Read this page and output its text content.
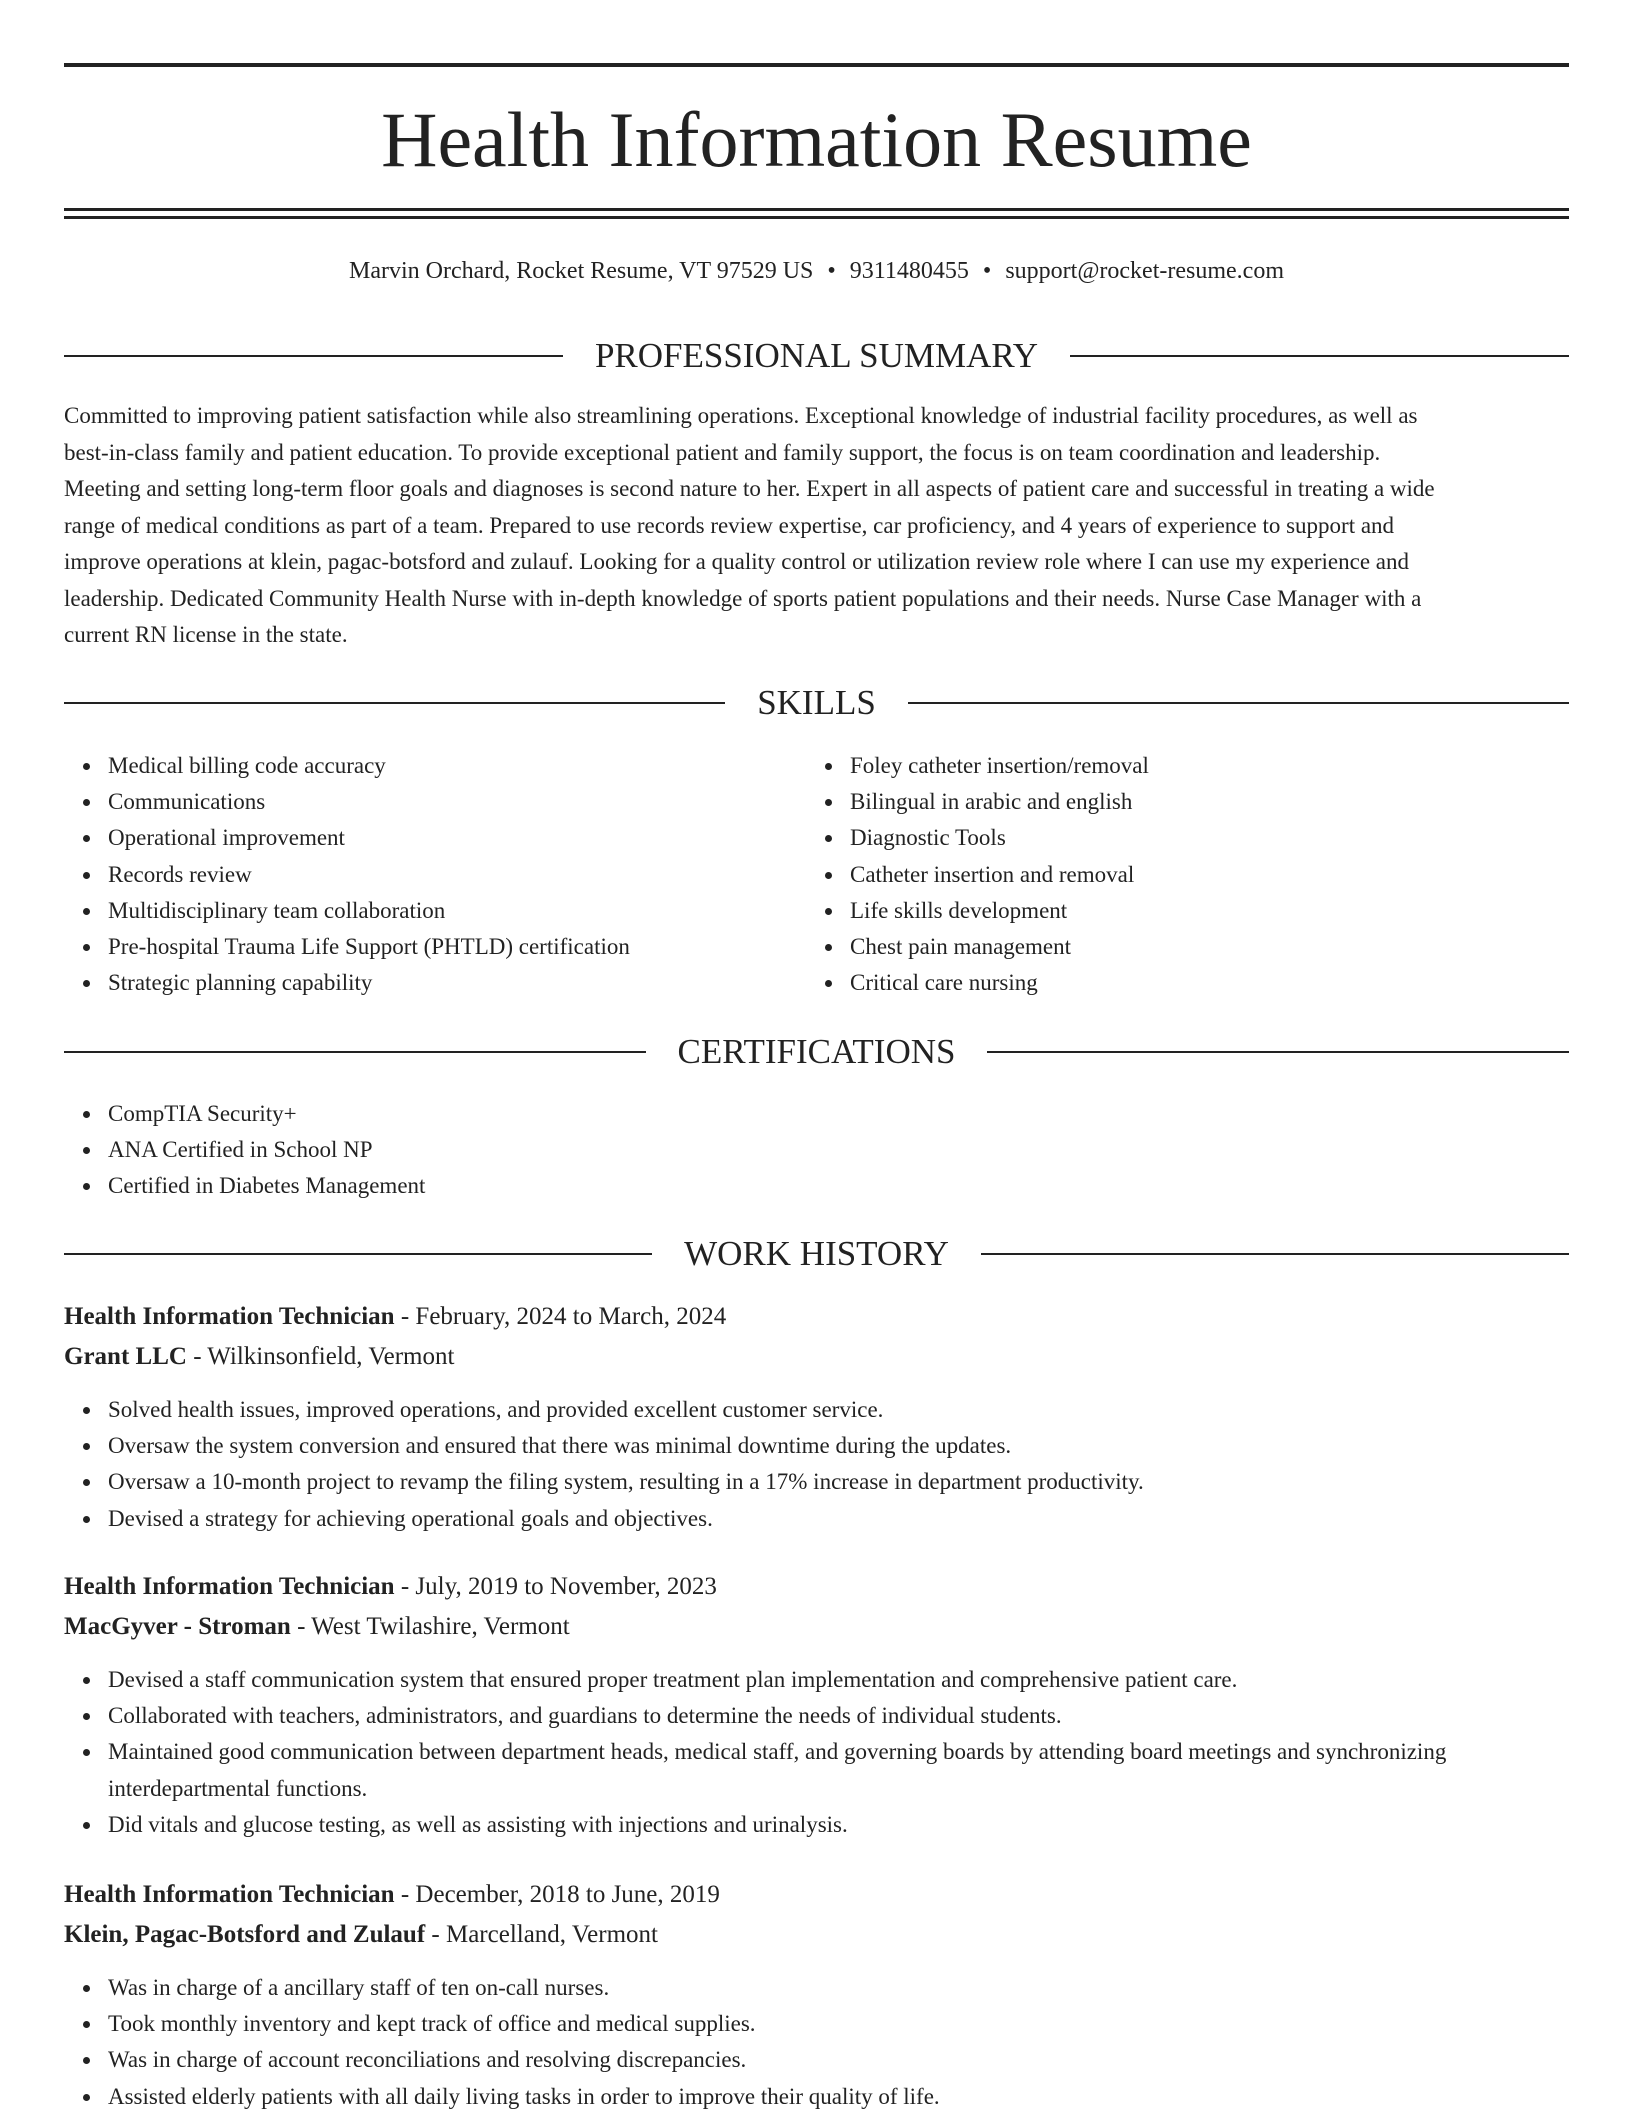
Health Information Resume
Marvin Orchard, Rocket Resume, VT 97529 US • 9311480455 • support@rocket-resume.com
PROFESSIONAL SUMMARY
Committed to improving patient satisfaction while also streamlining operations. Exceptional knowledge of industrial facility procedures, as well as
best-in-class family and patient education. To provide exceptional patient and family support, the focus is on team coordination and leadership.
Meeting and setting long-term floor goals and diagnoses is second nature to her. Expert in all aspects of patient care and successful in treating a wide
range of medical conditions as part of a team. Prepared to use records review expertise, car proficiency, and 4 years of experience to support and
improve operations at klein, pagac-botsford and zulauf. Looking for a quality control or utilization review role where I can use my experience and
leadership. Dedicated Community Health Nurse with in-depth knowledge of sports patient populations and their needs. Nurse Case Manager with a
current RN license in the state.
SKILLS
Medical billing code accuracy
Communications
Operational improvement
Records review
Multidisciplinary team collaboration
Pre-hospital Trauma Life Support (PHTLD) certification
Strategic planning capability
Foley catheter insertion/removal
Bilingual in arabic and english
Diagnostic Tools
Catheter insertion and removal
Life skills development
Chest pain management
Critical care nursing
CERTIFICATIONS
CompTIA Security+
ANA Certified in School NP
Certified in Diabetes Management
WORK HISTORY
Health Information Technician - February, 2024 to March, 2024
Grant LLC - Wilkinsonfield, Vermont
Solved health issues, improved operations, and provided excellent customer service.
Oversaw the system conversion and ensured that there was minimal downtime during the updates.
Oversaw a 10-month project to revamp the filing system, resulting in a 17% increase in department productivity.
Devised a strategy for achieving operational goals and objectives.
Health Information Technician - July, 2019 to November, 2023
MacGyver - Stroman - West Twilashire, Vermont
Devised a staff communication system that ensured proper treatment plan implementation and comprehensive patient care.
Collaborated with teachers, administrators, and guardians to determine the needs of individual students.
Maintained good communication between department heads, medical staff, and governing boards by attending board meetings and synchronizing interdepartmental functions.
Did vitals and glucose testing, as well as assisting with injections and urinalysis.
Health Information Technician - December, 2018 to June, 2019
Klein, Pagac-Botsford and Zulauf - Marcelland, Vermont
Was in charge of a ancillary staff of ten on-call nurses.
Took monthly inventory and kept track of office and medical supplies.
Was in charge of account reconciliations and resolving discrepancies.
Assisted elderly patients with all daily living tasks in order to improve their quality of life.
